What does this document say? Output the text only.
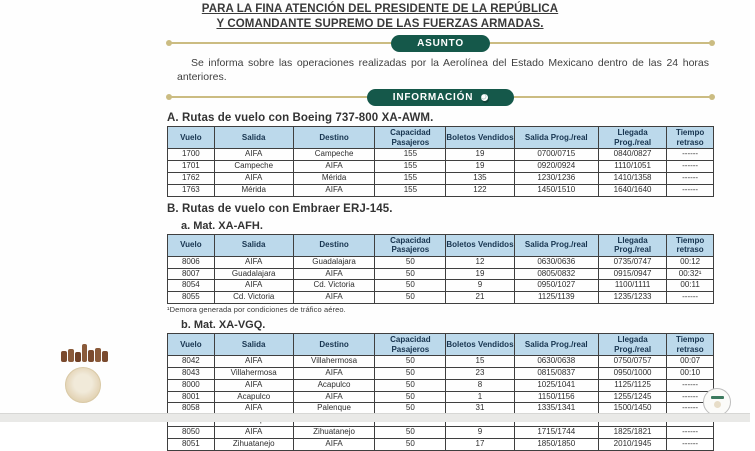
PARA LA FINA ATENCIÓN DEL PRESIDENTE DE LA REPÚBLICA
Y COMANDANTE SUPREMO DE LAS FUERZAS ARMADAS.
ASUNTO
Se informa sobre las operaciones realizadas por la Aerolínea del Estado Mexicano dentro de las 24 horas anteriores.
INFORMACIÓN
A. Rutas de vuelo con Boeing 737-800 XA-AWM.
Vuelo	Salida	Destino	Capacidad Pasajeros	Boletos Vendidos	Salida Prog./real	Llegada Prog./real	Tiempo retraso
1700	AIFA	Campeche	155	19	0700/0715	0840/0827	------
1701	Campeche	AIFA	155	19	0920/0924	1110/1051	------
1762	AIFA	Mérida	155	135	1230/1236	1410/1358	------
1763	Mérida	AIFA	155	122	1450/1510	1640/1640	------
B. Rutas de vuelo con Embraer ERJ-145.
a. Mat. XA-AFH.
Vuelo	Salida	Destino	Capacidad Pasajeros	Boletos Vendidos	Salida Prog./real	Llegada Prog./real	Tiempo retraso
8006	AIFA	Guadalajara	50	12	0630/0636	0735/0747	00:12
8007	Guadalajara	AIFA	50	19	0805/0832	0915/0947	00:32¹
8054	AIFA	Cd. Victoria	50	9	0950/1027	1100/1111	00:11
8055	Cd. Victoria	AIFA	50	21	1125/1139	1235/1233	------
¹Demora generada por condiciones de tráfico aéreo.
b. Mat. XA-VGQ.
Vuelo	Salida	Destino	Capacidad Pasajeros	Boletos Vendidos	Salida Prog./real	Llegada Prog./real	Tiempo retraso
8042	AIFA	Villahermosa	50	15	0630/0638	0750/0757	00:07
8043	Villahermosa	AIFA	50	23	0815/0837	0950/1000	00:10
8000	AIFA	Acapulco	50	8	1025/1041	1125/1125	------
8001	Acapulco	AIFA	50	1	1150/1156	1255/1245	------
8058	AIFA	Palenque	50	31	1335/1341	1500/1450	------

8050	AIFA	Zihuatanejo	50	9	1715/1744	1825/1821	------
8051	Zihuatanejo	AIFA	50	17	1850/1850	2010/1945	------
